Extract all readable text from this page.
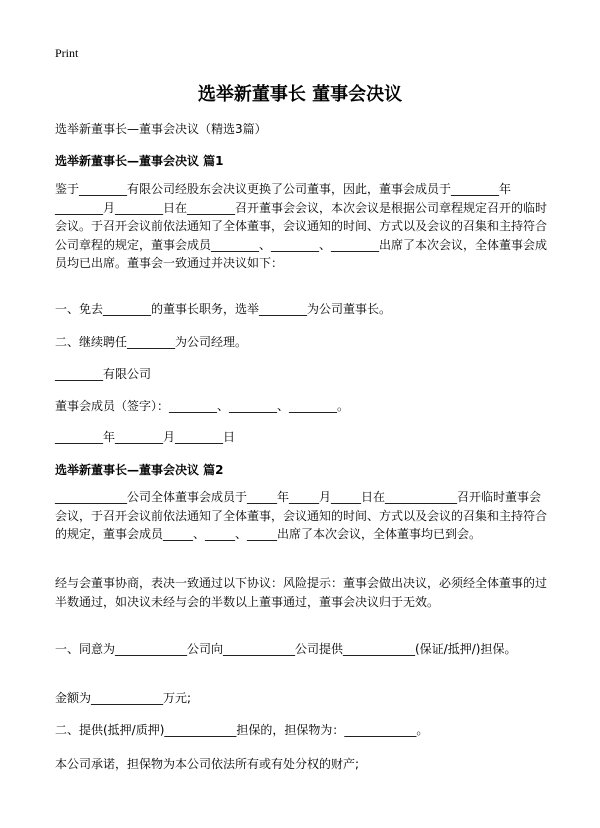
Print
选举新董事长 董事会决议
选举新董事长—董事会决议（精选3篇）
选举新董事长—董事会决议 篇1
鉴于________有限公司经股东会决议更换了公司董事，因此，董事会成员于________年________月________日在________召开董事会会议，本次会议是根据公司章程规定召开的临时会议。于召开会议前依法通知了全体董事，会议通知的时间、方式以及会议的召集和主持符合公司章程的规定，董事会成员________、________、________出席了本次会议，全体董事会成员均已出席。董事会一致通过并决议如下：
一、免去________的董事长职务，选举________为公司董事长。
二、继续聘任________为公司经理。
________有限公司
董事会成员（签字）：________、________、________。
________年________月________日
选举新董事长—董事会决议 篇2
____________公司全体董事会成员于_____年_____月_____日在____________召开临时董事会会议，于召开会议前依法通知了全体董事，会议通知的时间、方式以及会议的召集和主持符合的规定，董事会成员_____、_____、_____出席了本次会议，全体董事均已到会。
经与会董事协商，表决一致通过以下协议：风险提示：董事会做出决议，必须经全体董事的过半数通过，如决议未经与会的半数以上董事通过，董事会决议归于无效。
一、同意为____________公司向____________公司提供____________(保证/抵押/)担保。
金额为____________万元;
二、提供(抵押/质押)____________担保的，担保物为：____________。
本公司承诺，担保物为本公司依法所有或有处分权的财产;
